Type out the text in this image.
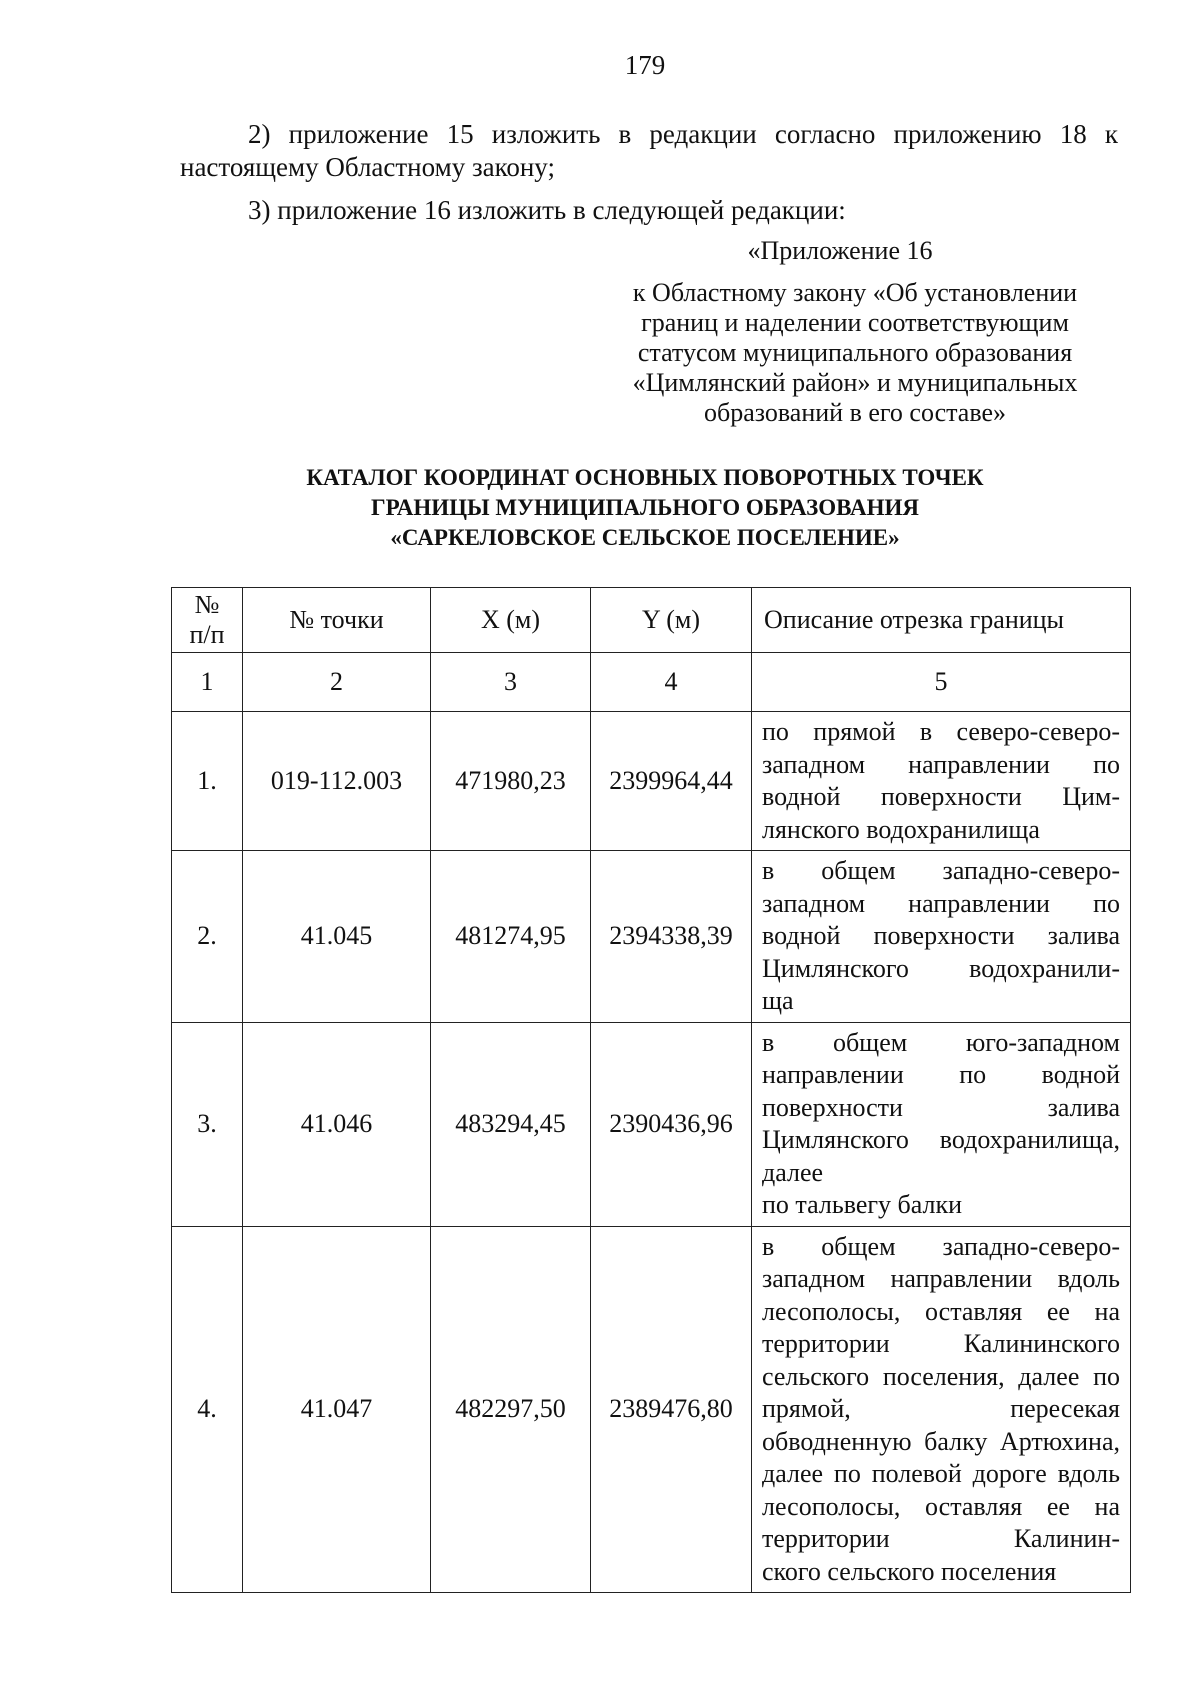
179
2) приложение 15 изложить в редакции согласно приложению 18 к настоящему Областному закону;
3) приложение 16 изложить в следующей редакции:
«Приложение 16
к Областному закону «Об установлении
границ и наделении соответствующим
статусом муниципального образования
«Цимлянский район» и муниципальных
образований в его составе»
КАТАЛОГ КООРДИНАТ ОСНОВНЫХ ПОВОРОТНЫХ ТОЧЕК
ГРАНИЦЫ МУНИЦИПАЛЬНОГО ОБРАЗОВАНИЯ
«САРКЕЛОВСКОЕ СЕЛЬСКОЕ ПОСЕЛЕНИЕ»
№
п/п	№ точки	X (м)	Y (м)	Описание отрезка границы
1	2	3	4	5
1.	019-112.003	471980,23	2399964,44	по прямой в северо-северо-западном направлении по водной поверхности Цим-
лянского водохранилища

2.	41.045	481274,95	2394338,39	в общем западно-северо-западном направлении по водной поверхности залива Цимлянского водохранили-
ща

3.	41.046	483294,45	2390436,96	в общем юго-западном направлении по водной поверхности залива Цимлянского водохранилища, далее
по тальвегу балки

4.	41.047	482297,50	2389476,80	в общем западно-северо-западном направлении вдоль лесополосы, оставляя ее на территории Калининского сельского поселения, далее по прямой, пересекая обводненную балку Артюхина, далее по полевой дороге вдоль лесополосы, оставляя ее на территории Калинин-
ского сельского поселения
